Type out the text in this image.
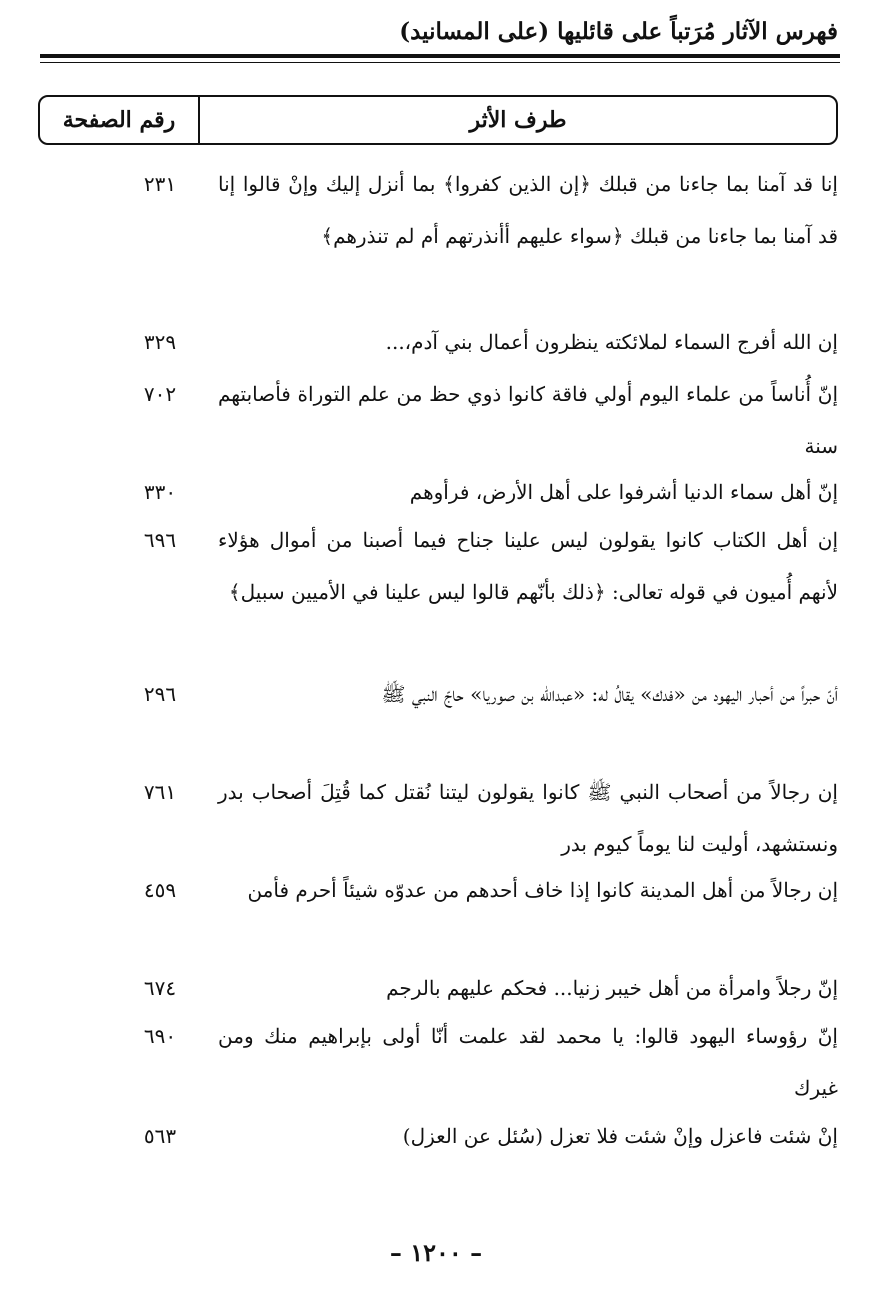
فهرس الآثار مُرَتباً على قائليها (على المسانيد)
طرف الأثر
رقم الصفحة
إنا قد آمنا بما جاءنا من قبلك ﴿إن الذين كفروا﴾ بما أنزل إليك وإنْ قالوا إنا قد آمنا بما جاءنا من قبلك ﴿سواء عليهم أأنذرتهم أم لم تنذرهم﴾
٢٣١
إن الله أفرج السماء لملائكته ينظرون أعمال بني آدم،...
٣٢٩
إنّ أُناساً من علماء اليوم أولي فاقة كانوا ذوي حظ من علم التوراة فأصابتهم سنة
٧٠٢
إنّ أهل سماء الدنيا أشرفوا على أهل الأرض، فرأوهم
٣٣٠
إن أهل الكتاب كانوا يقولون ليس علينا جناح فيما أصبنا من أموال هؤلاء لأنهم أُميون في قوله تعالى: ﴿ذلك بأنّهم قالوا ليس علينا في الأميين سبيل﴾
٦٩٦
أنّ حبراً من أحبار اليهود من «فدك» يقالُ له: «عبدالله بن صوريا» حاجّ النبي ﷺ
٢٩٦
إن رجالاً من أصحاب النبي ﷺ كانوا يقولون ليتنا نُقتل كما قُتِلَ أصحاب بدر ونستشهد، أوليت لنا يوماً كيوم بدر
٧٦١
إن رجالاً من أهل المدينة كانوا إذا خاف أحدهم من عدوّه شيئاً أحرم فأمن
٤٥٩
إنّ رجلاً وامرأة من أهل خيبر زنيا... فحكم عليهم بالرجم
٦٧٤
إنّ رؤوساء اليهود قالوا: يا محمد لقد علمت أنّا أولى بإبراهيم منك ومن غيرك
٦٩٠
إنْ شئت فاعزل وإنْ شئت فلا تعزل (سُئل عن العزل)
٥٦٣
– ١٢٠٠ –
